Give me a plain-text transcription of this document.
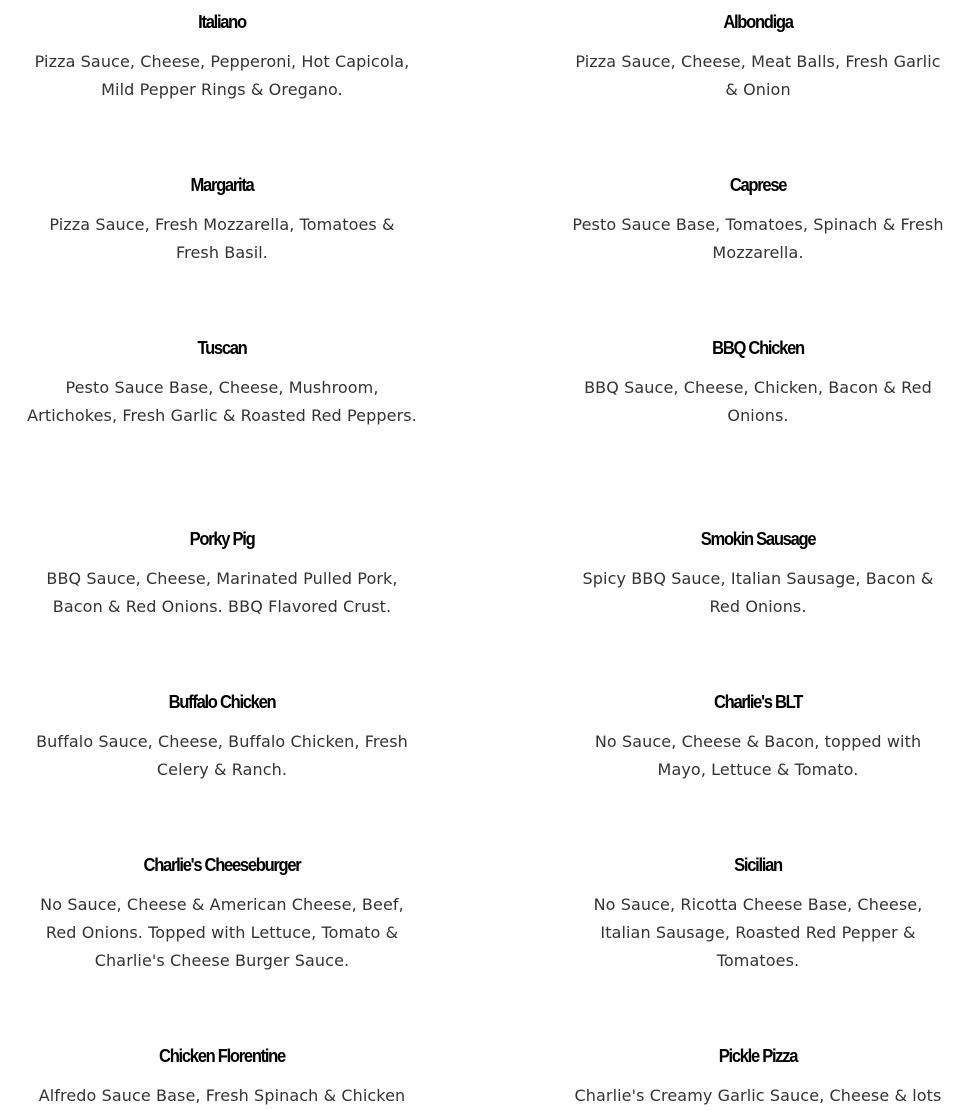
Italiano
Pizza Sauce, Cheese, Pepperoni, Hot Capicola, Mild Pepper Rings & Oregano.
Albondiga
Pizza Sauce, Cheese, Meat Balls, Fresh Garlic & Onion
Margarita
Pizza Sauce, Fresh Mozzarella, Tomatoes & Fresh Basil.
Caprese
Pesto Sauce Base, Tomatoes, Spinach & Fresh Mozzarella.
Tuscan
Pesto Sauce Base, Cheese, Mushroom, Artichokes, Fresh Garlic & Roasted Red Peppers.
BBQ Chicken
BBQ Sauce, Cheese, Chicken, Bacon & Red Onions.
Porky Pig
BBQ Sauce, Cheese, Marinated Pulled Pork, Bacon & Red Onions. BBQ Flavored Crust.
Smokin Sausage
Spicy BBQ Sauce, Italian Sausage, Bacon & Red Onions.
Buffalo Chicken
Buffalo Sauce, Cheese, Buffalo Chicken, Fresh Celery & Ranch.
Charlie's BLT
No Sauce, Cheese & Bacon, topped with Mayo, Lettuce & Tomato.
Charlie's Cheeseburger
No Sauce, Cheese & American Cheese, Beef, Red Onions. Topped with Lettuce, Tomato & Charlie's Cheese Burger Sauce.
Sicilian
No Sauce, Ricotta Cheese Base, Cheese, Italian Sausage, Roasted Red Pepper & Tomatoes.
Chicken Florentine
Alfredo Sauce Base, Fresh Spinach & Chicken
Pickle Pizza
Charlie's Creamy Garlic Sauce, Cheese & lots
